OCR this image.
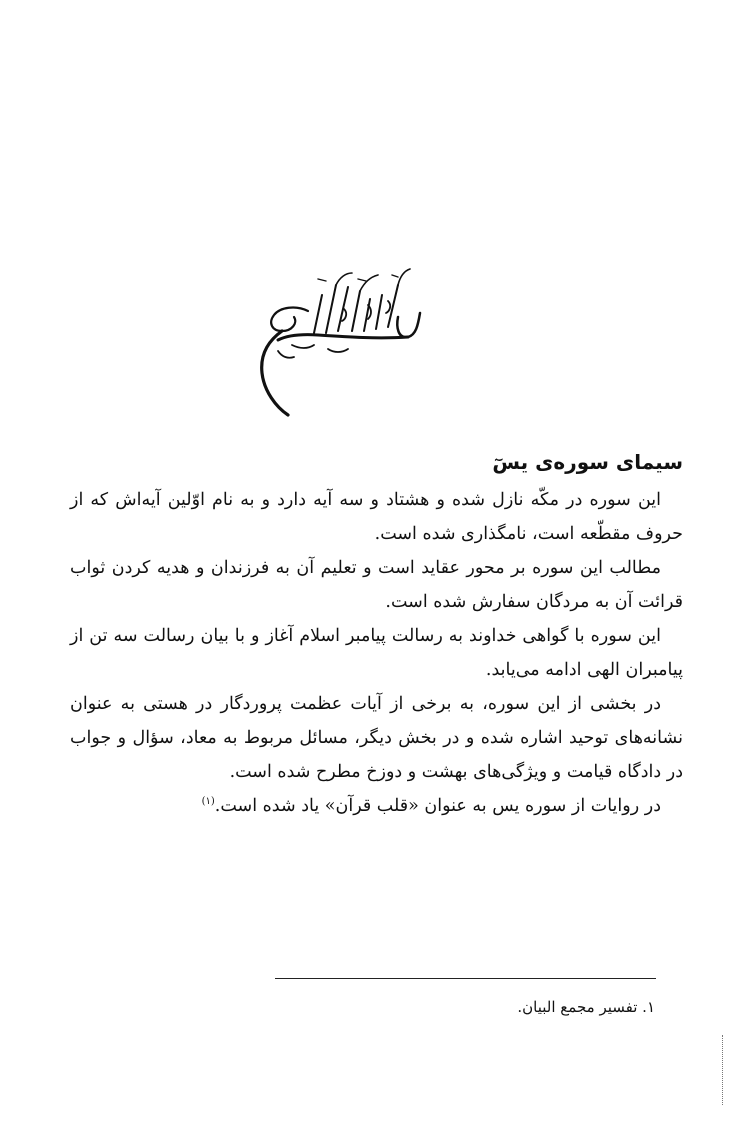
سیمای سوره‌ی یسٓ

این سوره در مکّه نازل شده و هشتاد و سه آیه دارد و به نام اوّلین آیه‌اش که از حروف مقطّعه است، نامگذاری شده است.

مطالب این سوره بر محور عقاید است و تعلیم آن به فرزندان و هدیه کردن ثواب قرائت آن به مردگان سفارش شده است.

این سوره با گواهی خداوند به رسالت پیامبر اسلام آغاز و با بیان رسالت سه تن از پیامبران الهی ادامه می‌یابد.

در بخشی از این سوره، به برخی از آیات عظمت پروردگار در هستی به عنوان نشانه‌های توحید اشاره شده و در بخش دیگر، مسائل مربوط به معاد، سؤال و جواب در دادگاه قیامت و ویژگی‌های بهشت و دوزخ مطرح شده است.

در روایات از سوره یس به عنوان «قلب قرآن» یاد شده است.$^{(۱)}$

۱. تفسیر مجمع البیان.
